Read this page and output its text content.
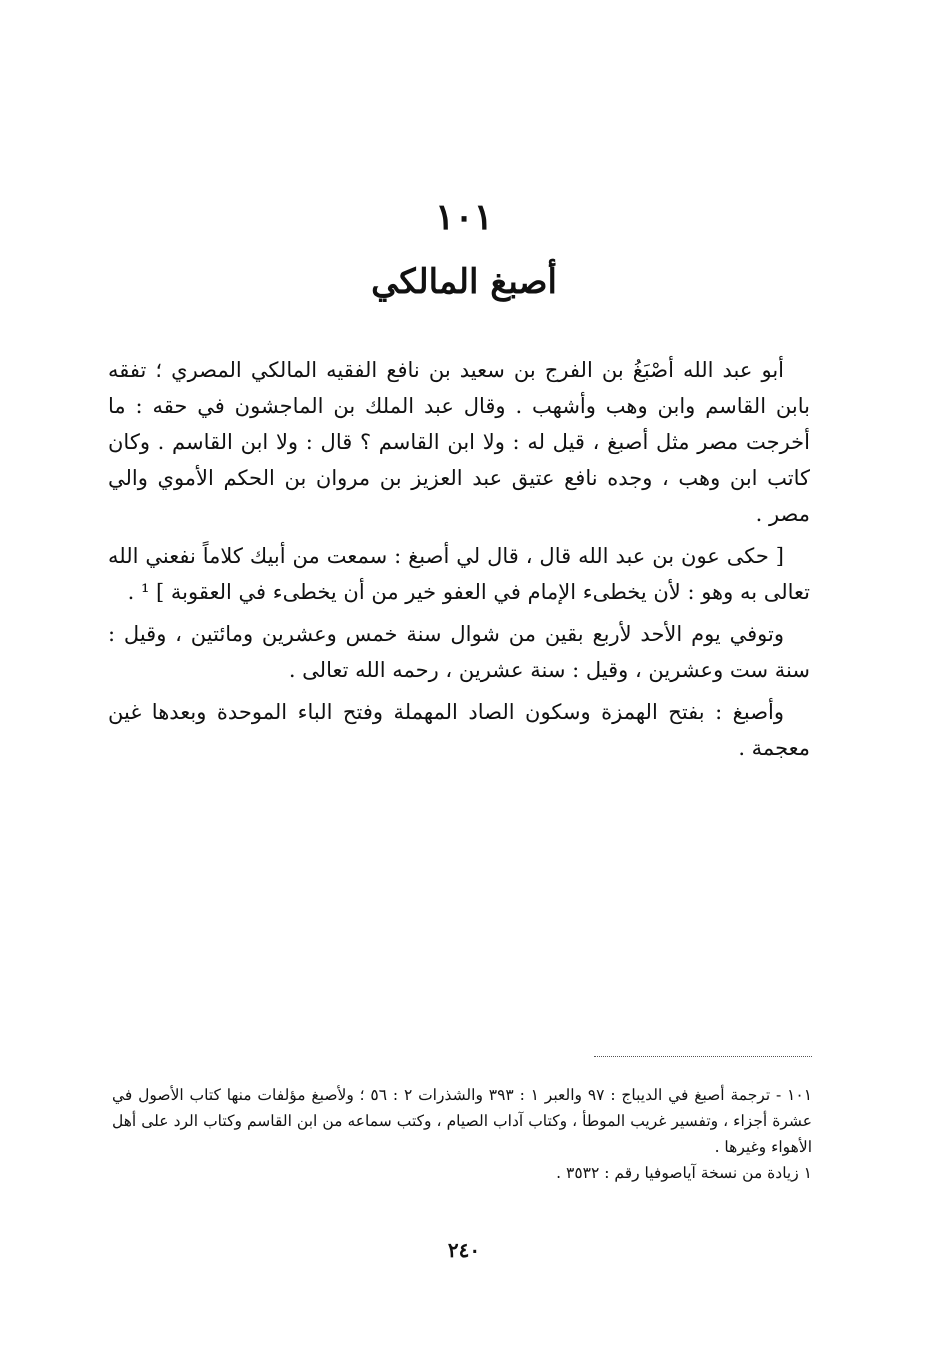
١٠١
أصبغ المالكي

أبو عبد الله أصْبَغُ بن الفرج بن سعيد بن نافع الفقيه المالكي المصري ؛ تفقه بابن القاسم وابن وهب وأشهب . وقال عبد الملك بن الماجشون في حقه : ما أخرجت مصر مثل أصبغ ، قيل له : ولا ابن القاسم ؟ قال : ولا ابن القاسم . وكان كاتب ابن وهب ، وجده نافع عتيق عبد العزيز بن مروان بن الحكم الأموي والي مصر .

[ حكى عون بن عبد الله قال ، قال لي أصبغ : سمعت من أبيك كلاماً نفعني الله تعالى به وهو : لأن يخطىء الإمام في العفو خير من أن يخطىء في العقوبة ] ¹ .

وتوفي يوم الأحد لأربع بقين من شوال سنة خمس وعشرين ومائتين ، وقيل : سنة ست وعشرين ، وقيل : سنة عشرين ، رحمه الله تعالى .

وأصبغ : بفتح الهمزة وسكون الصاد المهملة وفتح الباء الموحدة وبعدها غين معجمة .

١٠١ - ترجمة أصبغ في الديباج : ٩٧ والعبر ١ : ٣٩٣ والشذرات ٢ : ٥٦ ؛ ولأصبغ مؤلفات منها كتاب الأصول في عشرة أجزاء ، وتفسير غريب الموطأ ، وكتاب آداب الصيام ، وكتب سماعه من ابن القاسم وكتاب الرد على أهل الأهواء وغيرها .

١ زيادة من نسخة آياصوفيا رقم : ٣٥٣٢ .

٢٤٠
